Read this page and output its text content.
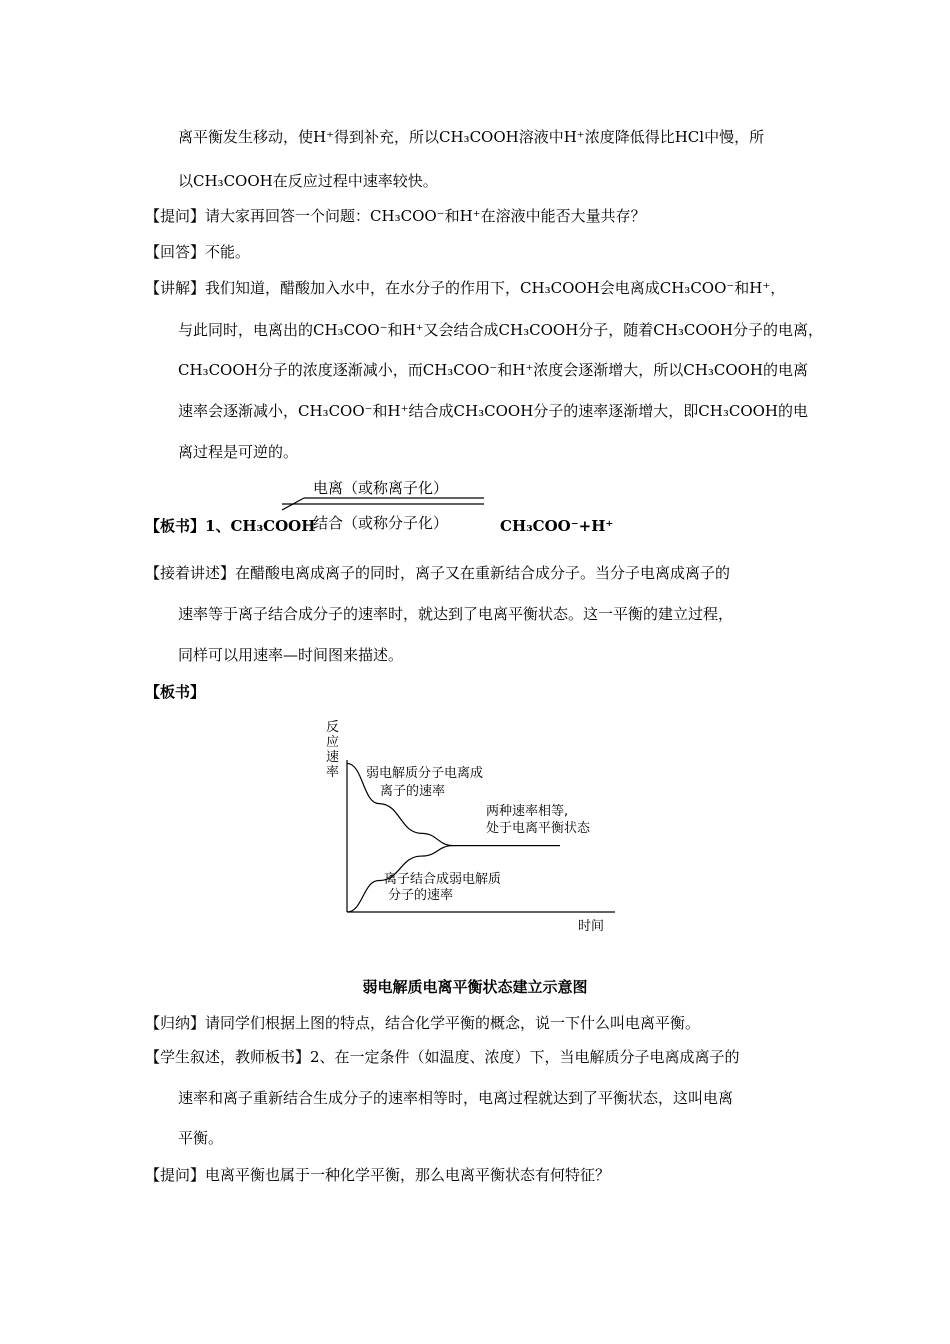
离平衡发生移动，使H⁺得到补充，所以CH₃COOH溶液中H⁺浓度降低得比HCl中慢，所
以CH₃COOH在反应过程中速率较快。
【提问】请大家再回答一个问题：CH₃COO⁻和H⁺在溶液中能否大量共存？
【回答】不能。
【讲解】我们知道，醋酸加入水中，在水分子的作用下，CH₃COOH会电离成CH₃COO⁻和H⁺，
与此同时，电离出的CH₃COO⁻和H⁺又会结合成CH₃COOH分子，随着CH₃COOH分子的电离，
CH₃COOH分子的浓度逐渐减小，而CH₃COO⁻和H⁺浓度会逐渐增大，所以CH₃COOH的电离
速率会逐渐减小，CH₃COO⁻和H⁺结合成CH₃COOH分子的速率逐渐增大，即CH₃COOH的电
离过程是可逆的。
【板书】1、CH₃COOH
电离（或称离子化）
结合（或称分子化）	CH₃COO⁻+H⁺
【接着讲述】在醋酸电离成离子的同时，离子又在重新结合成分子。当分子电离成离子的
速率等于离子结合成分子的速率时，就达到了电离平衡状态。这一平衡的建立过程，
同样可以用速率—时间图来描述。
【板书】
反
应
速
率
时间
弱电解质分子电离成
离子的速率
两种速率相等,
处于电离平衡状态
离子结合成弱电解质
分子的速率
弱电解质电离平衡状态建立示意图
【归纳】请同学们根据上图的特点，结合化学平衡的概念，说一下什么叫电离平衡。
【学生叙述，教师板书】2、在一定条件（如温度、浓度）下，当电解质分子电离成离子的
速率和离子重新结合生成分子的速率相等时，电离过程就达到了平衡状态，这叫电离
平衡。
【提问】电离平衡也属于一种化学平衡，那么电离平衡状态有何特征？
